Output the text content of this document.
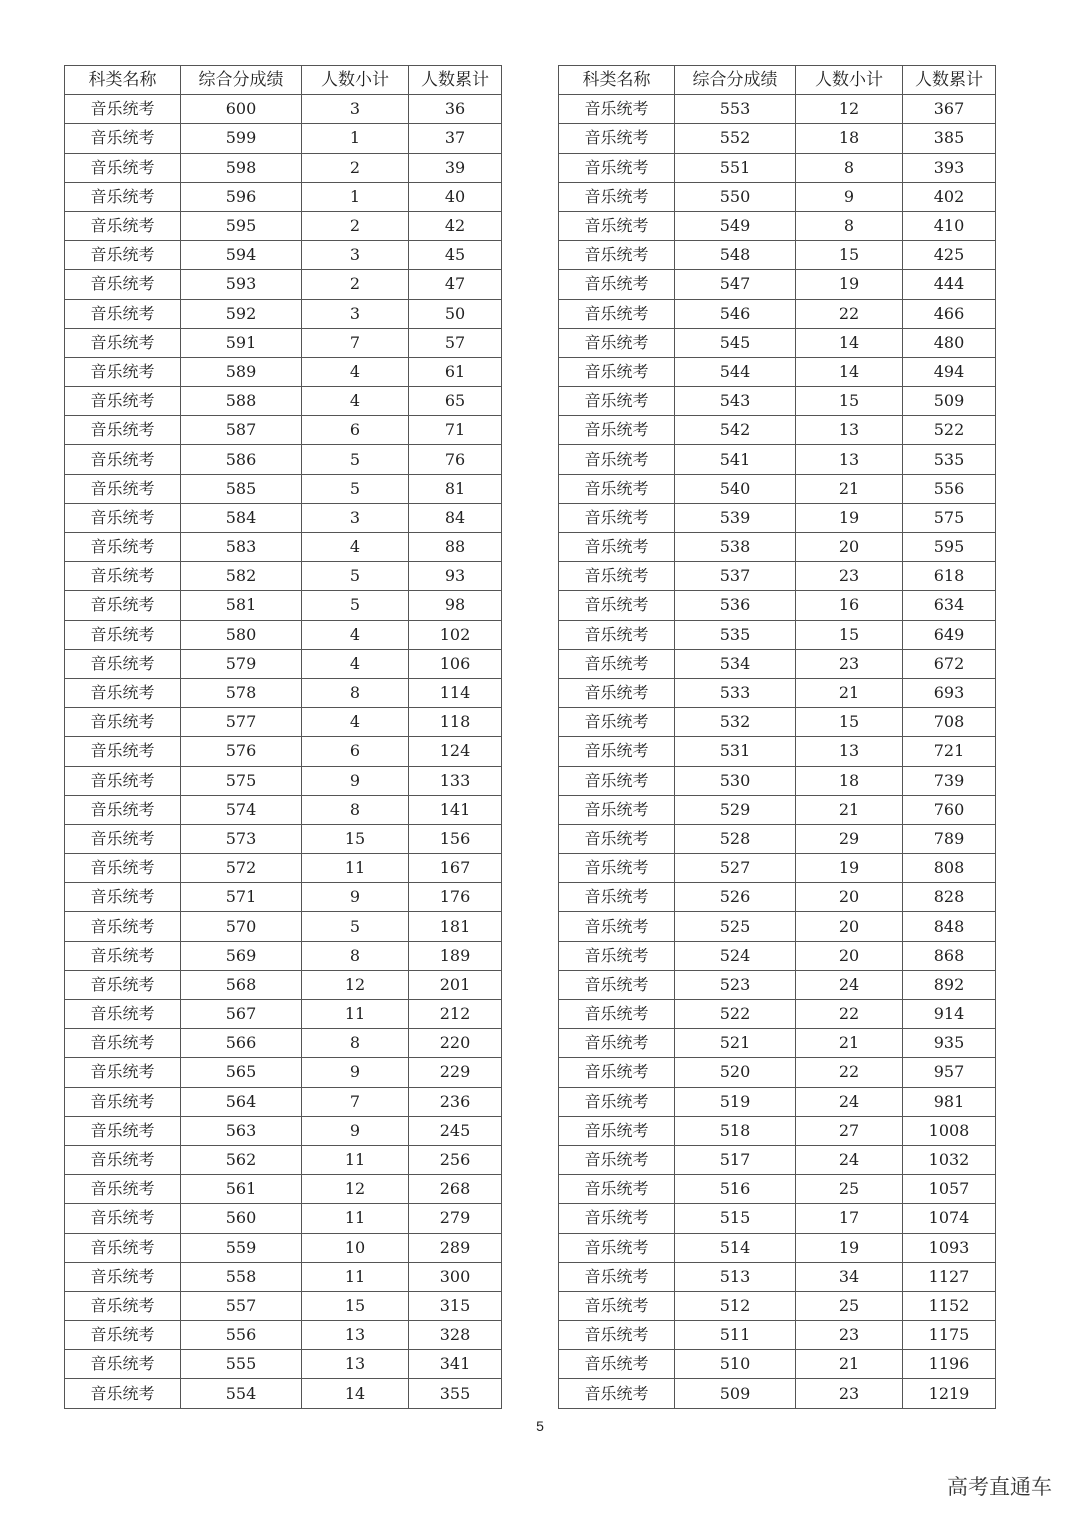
科类名称	综合分成绩	人数小计	人数累计
音乐统考	600	3	36
音乐统考	599	1	37
音乐统考	598	2	39
音乐统考	596	1	40
音乐统考	595	2	42
音乐统考	594	3	45
音乐统考	593	2	47
音乐统考	592	3	50
音乐统考	591	7	57
音乐统考	589	4	61
音乐统考	588	4	65
音乐统考	587	6	71
音乐统考	586	5	76
音乐统考	585	5	81
音乐统考	584	3	84
音乐统考	583	4	88
音乐统考	582	5	93
音乐统考	581	5	98
音乐统考	580	4	102
音乐统考	579	4	106
音乐统考	578	8	114
音乐统考	577	4	118
音乐统考	576	6	124
音乐统考	575	9	133
音乐统考	574	8	141
音乐统考	573	15	156
音乐统考	572	11	167
音乐统考	571	9	176
音乐统考	570	5	181
音乐统考	569	8	189
音乐统考	568	12	201
音乐统考	567	11	212
音乐统考	566	8	220
音乐统考	565	9	229
音乐统考	564	7	236
音乐统考	563	9	245
音乐统考	562	11	256
音乐统考	561	12	268
音乐统考	560	11	279
音乐统考	559	10	289
音乐统考	558	11	300
音乐统考	557	15	315
音乐统考	556	13	328
音乐统考	555	13	341
音乐统考	554	14	355
科类名称	综合分成绩	人数小计	人数累计
音乐统考	553	12	367
音乐统考	552	18	385
音乐统考	551	8	393
音乐统考	550	9	402
音乐统考	549	8	410
音乐统考	548	15	425
音乐统考	547	19	444
音乐统考	546	22	466
音乐统考	545	14	480
音乐统考	544	14	494
音乐统考	543	15	509
音乐统考	542	13	522
音乐统考	541	13	535
音乐统考	540	21	556
音乐统考	539	19	575
音乐统考	538	20	595
音乐统考	537	23	618
音乐统考	536	16	634
音乐统考	535	15	649
音乐统考	534	23	672
音乐统考	533	21	693
音乐统考	532	15	708
音乐统考	531	13	721
音乐统考	530	18	739
音乐统考	529	21	760
音乐统考	528	29	789
音乐统考	527	19	808
音乐统考	526	20	828
音乐统考	525	20	848
音乐统考	524	20	868
音乐统考	523	24	892
音乐统考	522	22	914
音乐统考	521	21	935
音乐统考	520	22	957
音乐统考	519	24	981
音乐统考	518	27	1008
音乐统考	517	24	1032
音乐统考	516	25	1057
音乐统考	515	17	1074
音乐统考	514	19	1093
音乐统考	513	34	1127
音乐统考	512	25	1152
音乐统考	511	23	1175
音乐统考	510	21	1196
音乐统考	509	23	1219
5
高考直通车
